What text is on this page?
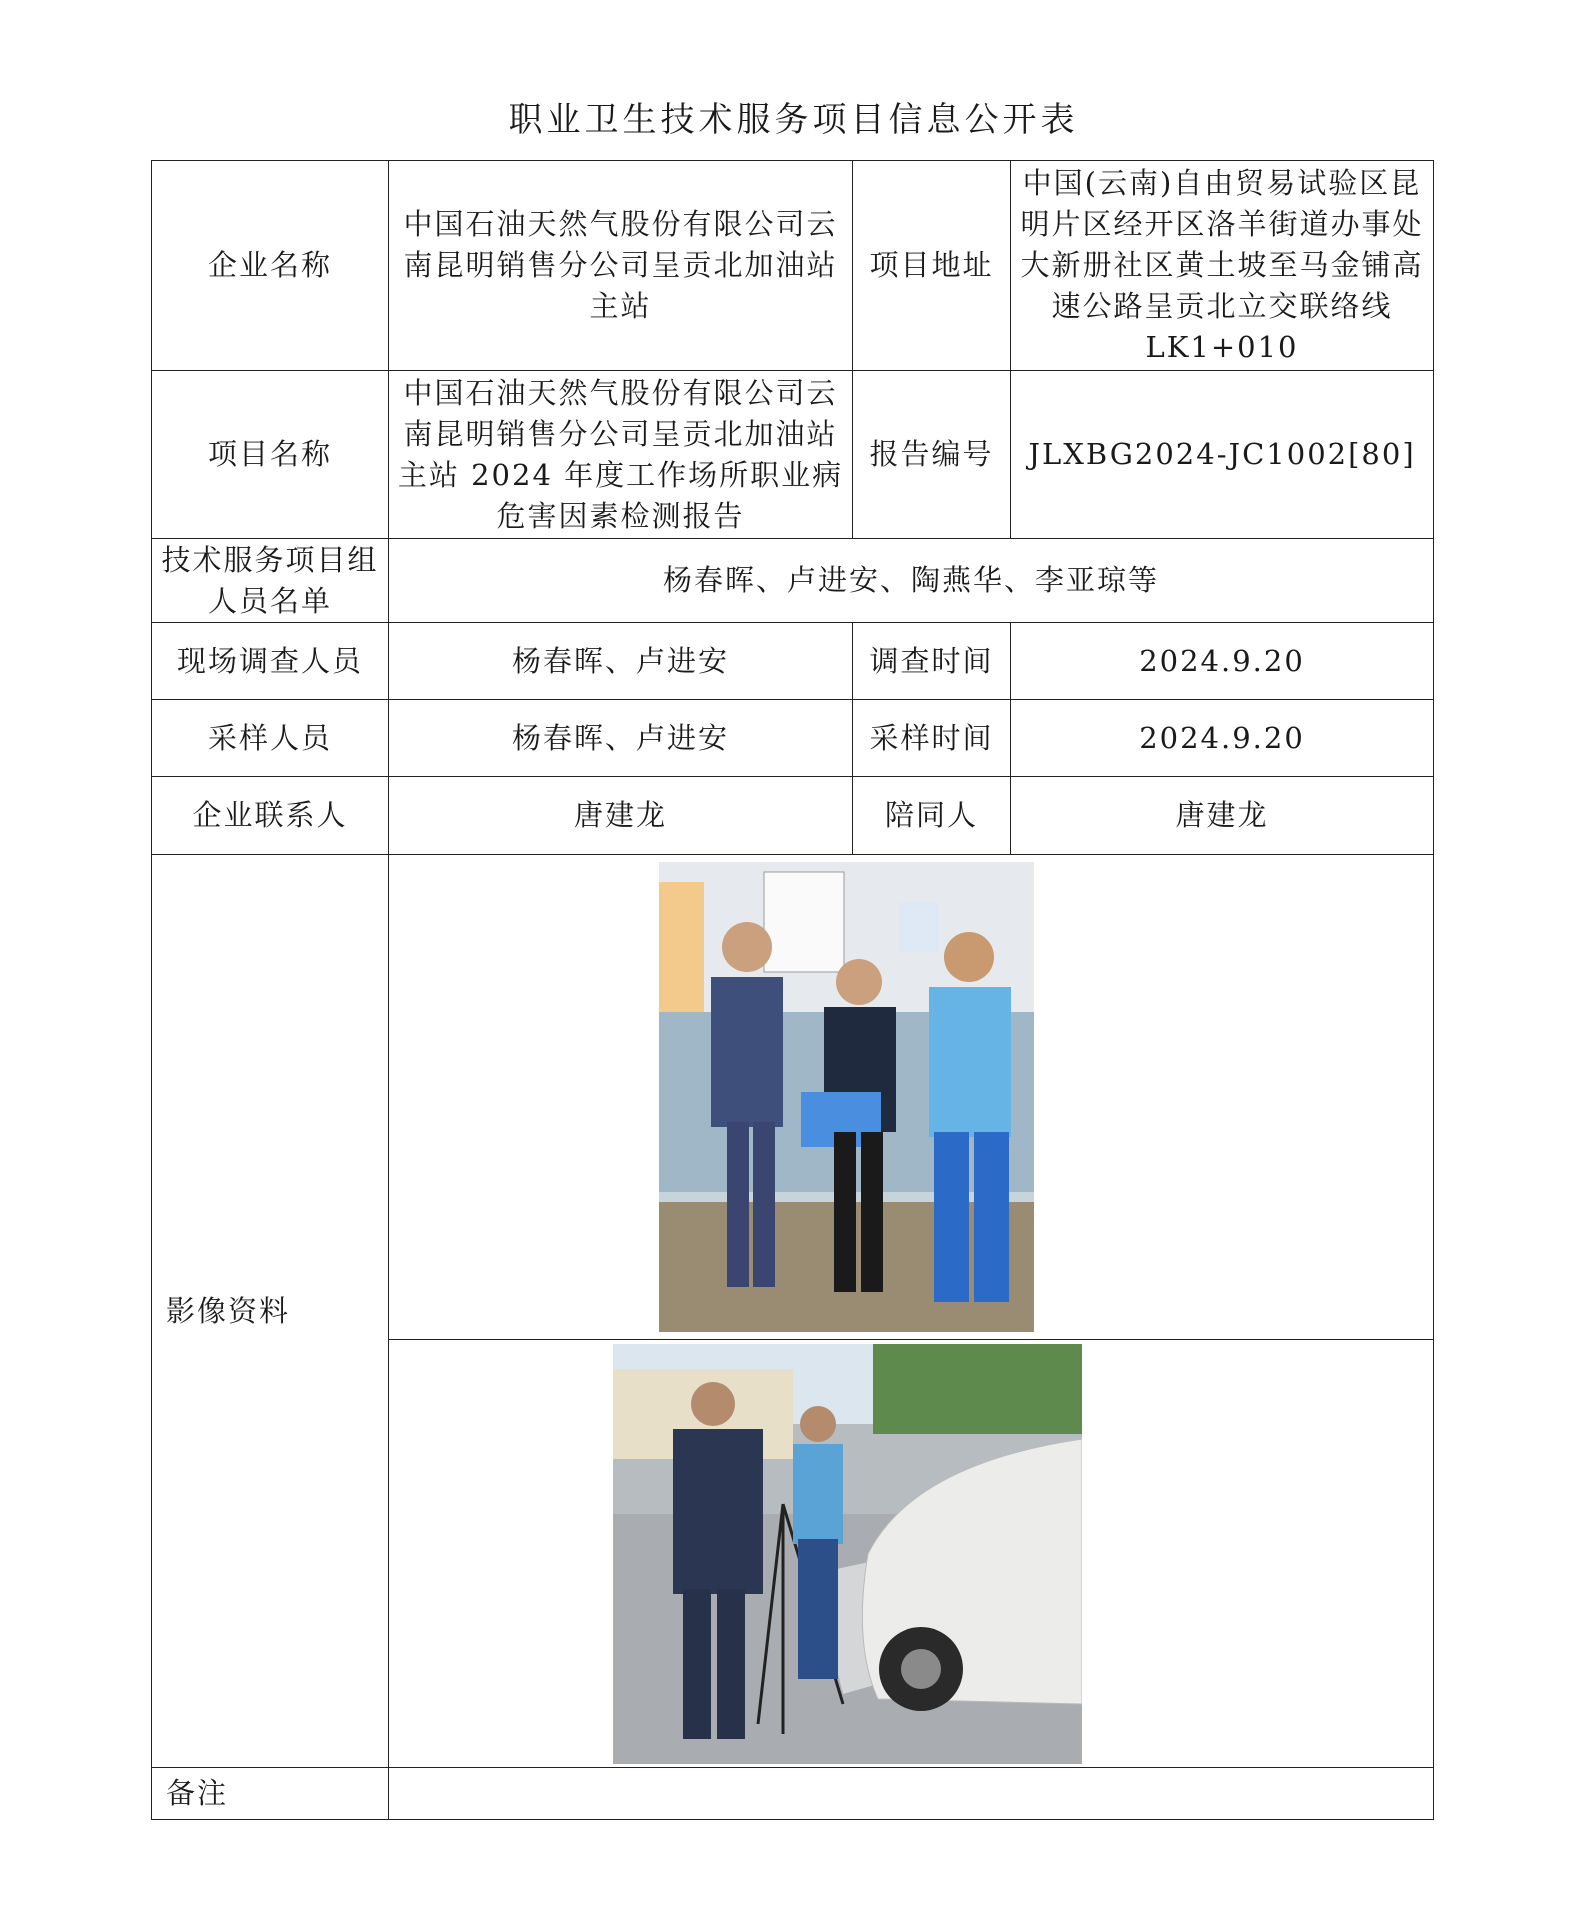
职业卫生技术服务项目信息公开表
企业名称	中国石油天然气股份有限公司云南昆明销售分公司呈贡北加油站主站	项目地址	中国(云南)自由贸易试验区昆明片区经开区洛羊街道办事处大新册社区黄土坡至马金铺高速公路呈贡北立交联络线 LK1+010
项目名称	中国石油天然气股份有限公司云南昆明销售分公司呈贡北加油站主站 2024 年度工作场所职业病危害因素检测报告	报告编号	JLXBG2024-JC1002[80]
技术服务项目组人员名单	杨春晖、卢进安、陶燕华、李亚琼等		
现场调查人员	杨春晖、卢进安	调查时间	2024.9.20
采样人员	杨春晖、卢进安	采样时间	2024.9.20
企业联系人	唐建龙	陪同人	唐建龙
影像资料	

备注			
